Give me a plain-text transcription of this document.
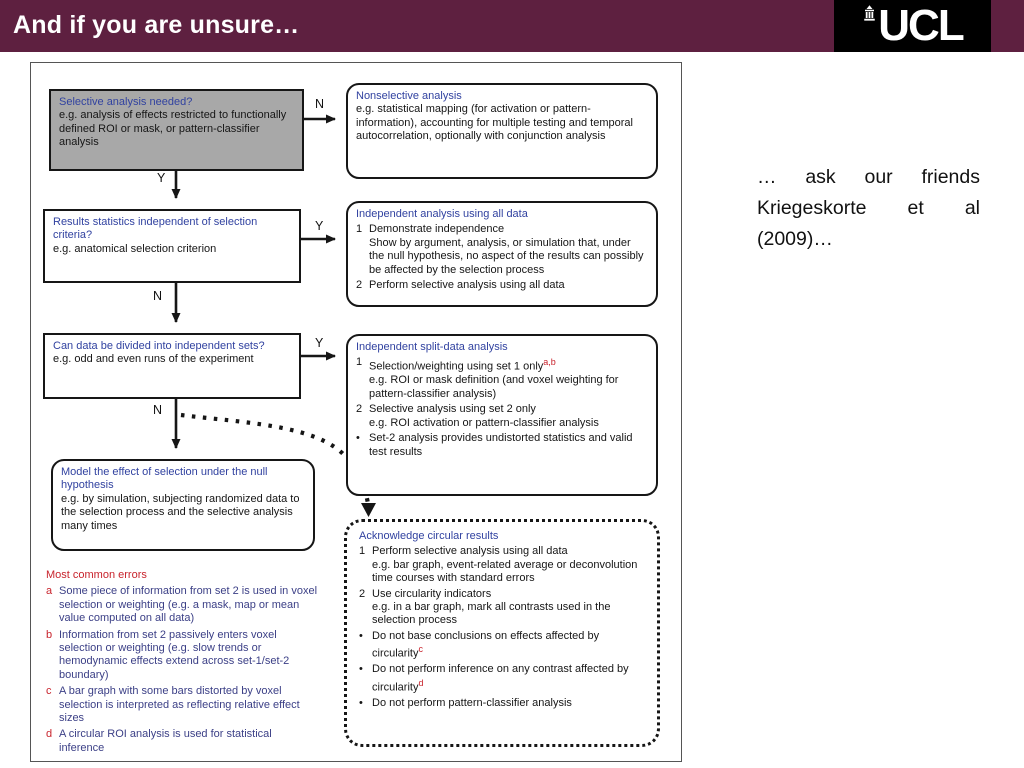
And if you are unsure…	UCL
N
Y
Y
N
Y
N
Selective analysis needed?
e.g. analysis of effects restricted to functionally defined ROI or mask, or pattern-classifier analysis
Nonselective analysis
e.g. statistical mapping (for activation or pattern-information), accounting for multiple testing and temporal autocorrelation, optionally with conjunction analysis
Results statistics independent of selection criteria?
e.g. anatomical selection criterion
Independent analysis using all data
1 Demonstrate independence
Show by argument, analysis, or simulation that, under the null hypothesis, no aspect of the results can possibly be affected by the selection process
2 Perform selective analysis using all data
Can data be divided into independent sets?
e.g. odd and even runs of the experiment
Independent split-data analysis
1 Selection/weighting using set 1 only$^{a,b}$
e.g. ROI or mask definition (and voxel weighting for pattern-classifier analysis)
2 Selective analysis using set 2 only
e.g. ROI activation or pattern-classifier analysis
• Set-2 analysis provides undistorted statistics and valid test results
Model the effect of selection under the null hypothesis
e.g. by simulation, subjecting randomized data to the selection process and the selective analysis many times
Acknowledge circular results
1 Perform selective analysis using all data
e.g. bar graph, event-related average or deconvolution time courses with standard errors
2 Use circularity indicators
e.g. in a bar graph, mark all contrasts used in the selection process
• Do not base conclusions on effects affected by circularity$^c$
• Do not perform inference on any contrast affected by circularity$^d$
• Do not perform pattern-classifier analysis
Most common errors
a Some piece of information from set 2 is used in voxel selection or weighting (e.g. a mask, map or mean value computed on all data)
b Information from set 2 passively enters voxel selection or weighting (e.g. slow trends or hemodynamic effects extend across set-1/set-2 boundary)
c A bar graph with some bars distorted by voxel selection is interpreted as reflecting relative effect sizes
d A circular ROI analysis is used for statistical inference

… ask our friends Kriegeskorte et al (2009)…
